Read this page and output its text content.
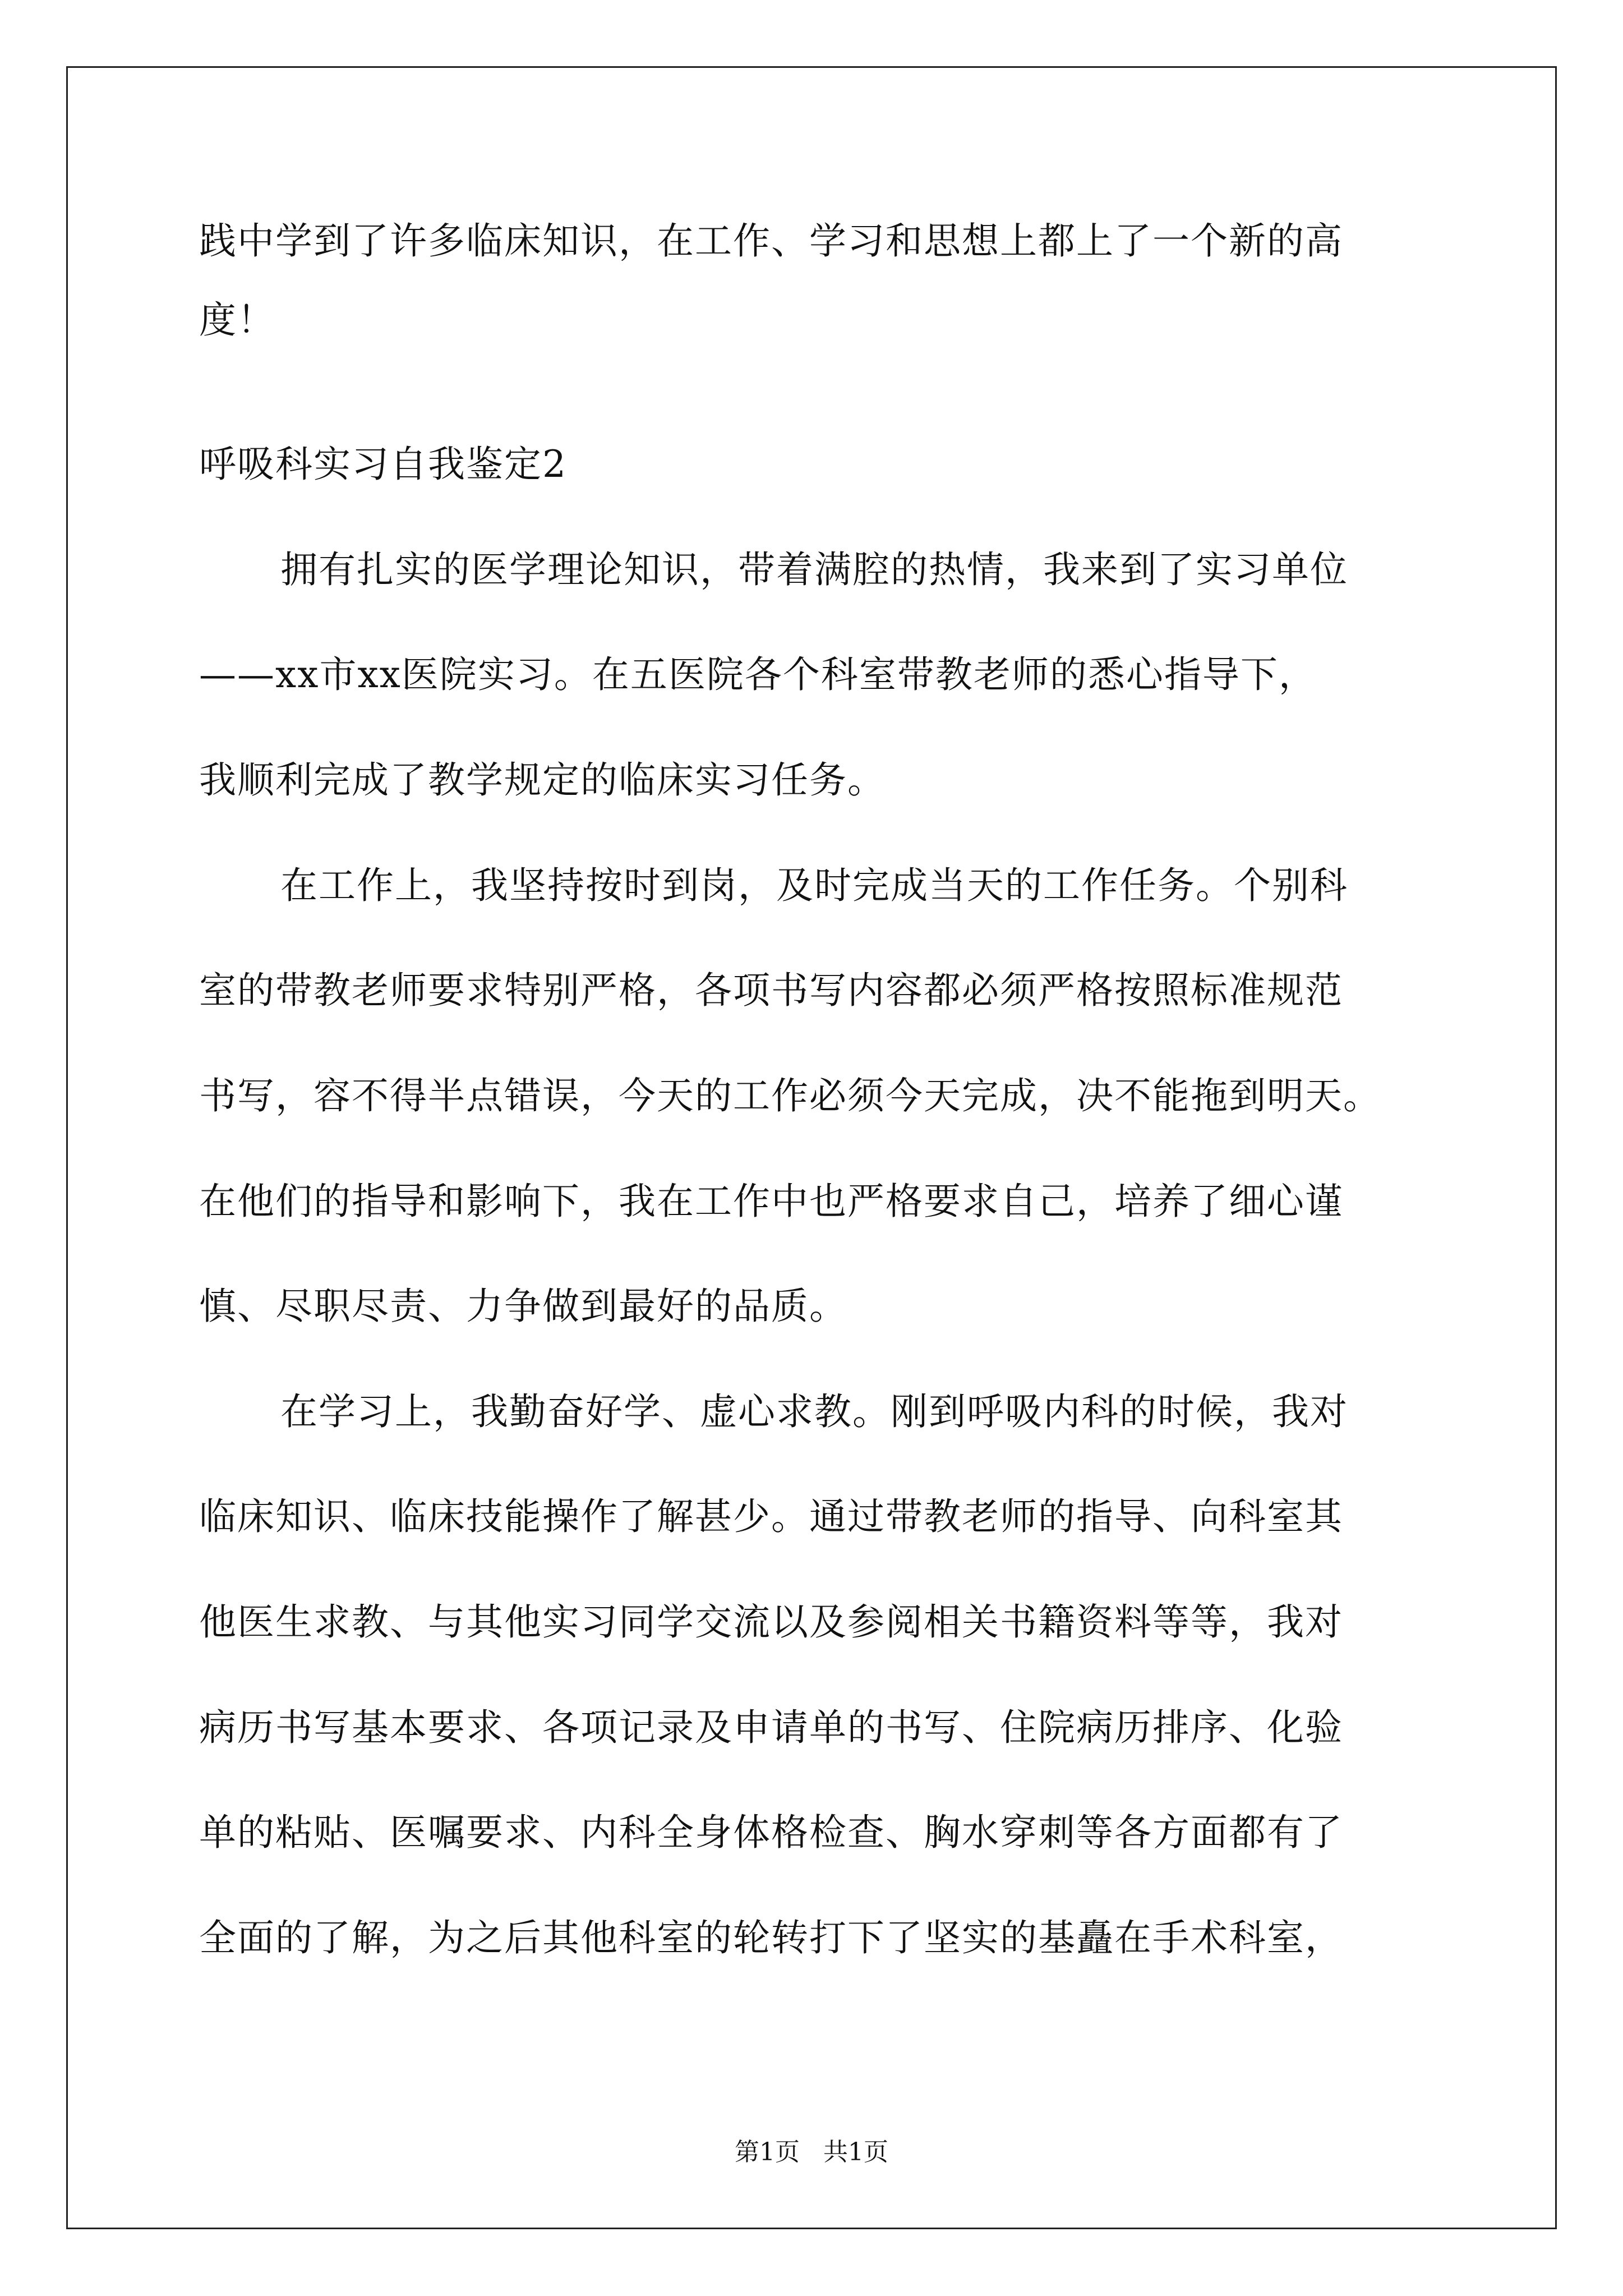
践中学到了许多临床知识，在工作、学习和思想上都上了一个新的高

度！

呼吸科实习自我鉴定2

拥有扎实的医学理论知识，带着满腔的热情，我来到了实习单位

——xx市xx医院实习。在五医院各个科室带教老师的悉心指导下，

我顺利完成了教学规定的临床实习任务。

在工作上，我坚持按时到岗，及时完成当天的工作任务。个别科

室的带教老师要求特别严格，各项书写内容都必须严格按照标准规范

书写，容不得半点错误，今天的工作必须今天完成，决不能拖到明天。

在他们的指导和影响下，我在工作中也严格要求自己，培养了细心谨

慎、尽职尽责、力争做到最好的品质。

在学习上，我勤奋好学、虚心求教。刚到呼吸内科的时候，我对

临床知识、临床技能操作了解甚少。通过带教老师的指导、向科室其

他医生求教、与其他实习同学交流以及参阅相关书籍资料等等，我对

病历书写基本要求、各项记录及申请单的书写、住院病历排序、化验

单的粘贴、医嘱要求、内科全身体格检查、胸水穿刺等各方面都有了

全面的了解，为之后其他科室的轮转打下了坚实的基矗在手术科室，

第1页   共1页
